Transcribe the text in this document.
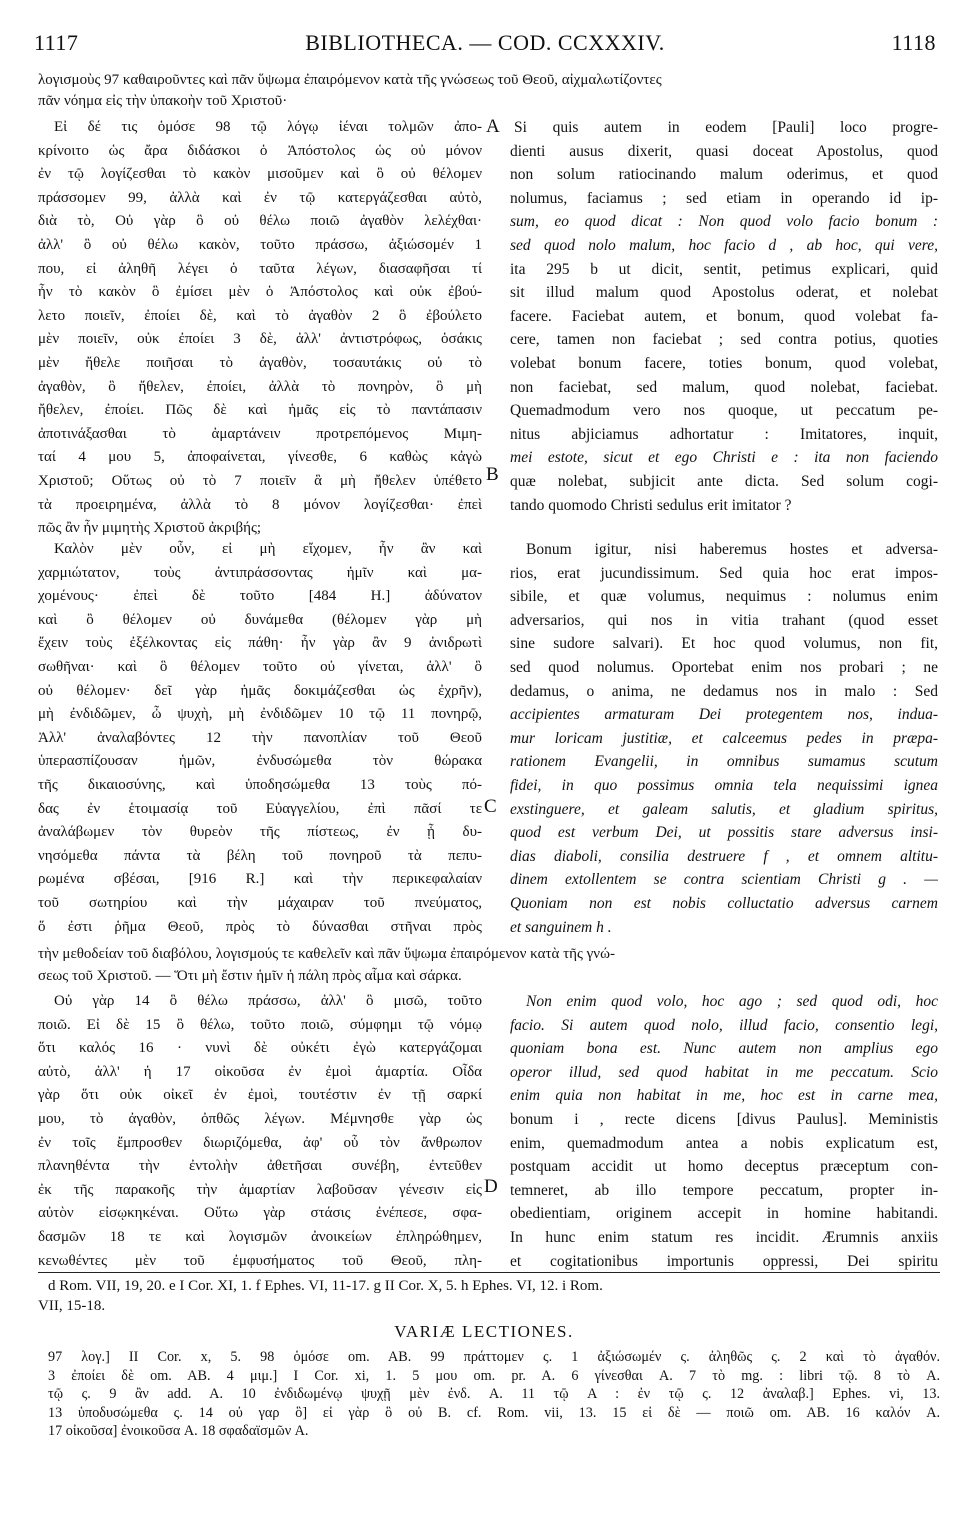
1117	BIBLIOTHECA. — COD. CCXXXIV.	1118
λογισμοὺς 97 καθαιροῦντες καὶ πᾶν ὕψωμα ἐπαιρόμενον κατὰ τῆς γνώσεως τοῦ Θεοῦ, αἰχμαλωτίζοντες
πᾶν νόημα εἰς τὴν ὑπακοὴν τοῦ Χριστοῦ·
Εἰ δέ τις ὁμόσε 98 τῷ λόγῳ ἰέναι τολμῶν ἀπο-
κρίνοιτο ὡς ἄρα διδάσκοι ὁ Ἀπόστολος ὡς οὐ μόνον
ἐν τῷ λογίζεσθαι τὸ κακὸν μισοῦμεν καὶ ὃ οὐ θέλομεν
πράσσομεν 99, ἀλλὰ καὶ ἐν τῷ κατεργάζεσθαι αὐτὸ,
διὰ τὸ, Οὐ γὰρ ὃ οὐ θέλω ποιῶ ἀγαθὸν λελέχθαι·
ἀλλ' ὃ οὐ θέλω κακὸν, τοῦτο πράσσω, ἀξιώσομέν 1
που, εἰ ἀληθῆ λέγει ὁ ταῦτα λέγων, διασαφῆσαι τί
ἦν τὸ κακὸν ὃ ἐμίσει μὲν ὁ Ἀπόστολος καὶ οὐκ ἐβού-
λετο ποιεῖν, ἐποίει δὲ, καὶ τὸ ἀγαθὸν 2 ὃ ἐβούλετο
μὲν ποιεῖν, οὐκ ἐποίει 3 δὲ, ἀλλ' ἀντιστρόφως, ὁσάκις
μὲν ἤθελε ποιῆσαι τὸ ἀγαθὸν, τοσαυτάκις οὐ τὸ
ἀγαθὸν, ὃ ἤθελεν, ἐποίει, ἀλλὰ τὸ πονηρὸν, ὃ μὴ
ἤθελεν, ἐποίει. Πῶς δὲ καὶ ἡμᾶς εἰς τὸ παντάπασιν
ἀποτινάξασθαι τὸ ἁμαρτάνειν προτρεπόμενος Μιμη-
ταί 4 μου 5, ἀποφαίνεται, γίνεσθε, 6 καθὼς κἀγὼ
Χριστοῦ; Οὕτως οὐ τὸ 7 ποιεῖν ἃ μὴ ἤθελεν ὑπέθετο
τὰ προειρημένα, ἀλλὰ τὸ 8 μόνον λογίζεσθαι· ἐπεὶ
πῶς ἂν ἦν μιμητὴς Χριστοῦ ἀκριβής;
Si quis autem in eodem [Pauli] loco progre-
dienti ausus dixerit, quasi doceat Apostolus, quod
non solum ratiocinando malum oderimus, et quod
nolumus, faciamus ; sed etiam in operando id ip-
sum, eo quod dicat : Non quod volo facio bonum :
sed quod nolo malum, hoc facio d , ab hoc, qui vere,
ita 295 b ut dicit, sentit, petimus explicari, quid
sit illud malum quod Apostolus oderat, et nolebat
facere. Faciebat autem, et bonum, quod volebat fa-
cere, tamen non faciebat ; sed contra potius, quoties
volebat bonum facere, toties bonum, quod volebat,
non faciebat, sed malum, quod nolebat, faciebat.
Quemadmodum vero nos quoque, ut peccatum pe-
nitus abjiciamus adhortatur : Imitatores, inquit,
mei estote, sicut et ego Christi e : ita non faciendo
quæ nolebat, subjicit ante dicta. Sed solum cogi-
tando quomodo Christi sedulus erit imitator ?
A
B
Καλὸν μὲν οὖν, εἰ μὴ εἴχομεν, ἦν ἂν καὶ
χαρμιώτατον, τοὺς ἀντιπράσσοντας ἡμῖν καὶ μα-
χομένους· ἐπεὶ δὲ τοῦτο [484 H.] ἀδύνατον
καὶ ὃ θέλομεν οὐ δυνάμεθα (θέλομεν γὰρ μὴ
ἔχειν τοὺς ἐξέλκοντας εἰς πάθη· ἦν γὰρ ἂν 9 ἀνιδρωτὶ
σωθῆναι· καὶ ὃ θέλομεν τοῦτο οὐ γίνεται, ἀλλ' ὃ
οὐ θέλομεν· δεῖ γὰρ ἡμᾶς δοκιμάζεσθαι ὡς ἐχρῆν),
μὴ ἐνδιδῶμεν, ὦ ψυχὴ, μὴ ἐνδιδῶμεν 10 τῷ 11 πονηρῷ,
Ἀλλ' ἀναλαβόντες 12 τὴν πανοπλίαν τοῦ Θεοῦ
ὑπερασπίζουσαν ἡμῶν, ἐνδυσώμεθα τὸν θώρακα
τῆς δικαιοσύνης, καὶ ὑποδησώμεθα 13 τοὺς πό-
δας ἐν ἑτοιμασίᾳ τοῦ Εὐαγγελίου, ἐπὶ πᾶσί τε
ἀναλάβωμεν τὸν θυρεὸν τῆς πίστεως, ἐν ᾗ δυ-
νησόμεθα πάντα τὰ βέλη τοῦ πονηροῦ τὰ πεπυ-
ρωμένα σβέσαι, [916 R.] καὶ τὴν περικεφαλαίαν
τοῦ σωτηρίου καὶ τὴν μάχαιραν τοῦ πνεύματος,
ὅ ἐστι ῥῆμα Θεοῦ, πρὸς τὸ δύνασθαι στῆναι πρὸς
Bonum igitur, nisi haberemus hostes et adversa-
rios, erat jucundissimum. Sed quia hoc erat impos-
sibile, et quæ volumus, nequimus : nolumus enim
adversarios, qui nos in vitia trahant (quod esset
sine sudore salvari). Et hoc quod volumus, non fit,
sed quod nolumus. Oportebat enim nos probari ; ne
dedamus, o anima, ne dedamus nos in malo : Sed
accipientes armaturam Dei protegentem nos, indua-
mur loricam justitiæ, et calceemus pedes in præpa-
rationem Evangelii, in omnibus sumamus scutum
fidei, in quo possimus omnia tela nequissimi ignea
exstinguere, et galeam salutis, et gladium spiritus,
quod est verbum Dei, ut possitis stare adversus insi-
dias diaboli, consilia destruere f , et omnem altitu-
dinem extollentem se contra scientiam Christi g . —
Quoniam non est nobis colluctatio adversus carnem
et sanguinem h .
C
τὴν μεθοδείαν τοῦ διαβόλου, λογισμούς τε καθελεῖν καὶ πᾶν ὕψωμα ἐπαιρόμενον κατὰ τῆς γνώ-
σεως τοῦ Χριστοῦ. — Ὅτι μὴ ἔστιν ἡμῖν ἡ πάλη πρὸς αἷμα καὶ σάρκα.
Οὐ γὰρ 14 ὃ θέλω πράσσω, ἀλλ' ὃ μισῶ, τοῦτο
ποιῶ. Εἰ δὲ 15 ὃ θέλω, τοῦτο ποιῶ, σύμφημι τῷ νόμῳ
ὅτι καλός 16 · νυνὶ δὲ οὐκέτι ἐγὼ κατεργάζομαι
αὐτὸ, ἀλλ' ἡ 17 οἰκοῦσα ἐν ἐμοὶ ἁμαρτία. Οἶδα
γὰρ ὅτι οὐκ οἰκεῖ ἐν ἐμοὶ, τουτέστιν ἐν τῇ σαρκί
μου, τὸ ἀγαθὸν, ὀπθῶς λέγων. Μέμνησθε γὰρ ὡς
ἐν τοῖς ἔμπροσθεν διωριζόμεθα, ἀφ' οὗ τὸν ἄνθρωπον
πλανηθέντα τὴν ἐντολὴν ἀθετῆσαι συνέβη, ἐντεῦθεν
ἐκ τῆς παρακοῆς τὴν ἁμαρτίαν λαβοῦσαν γένεσιν εἰς
αὐτὸν εἰσῳκηκέναι. Οὕτω γὰρ στάσις ἐνέπεσε, σφα-
δασμῶν 18 τε καὶ λογισμῶν ἀνοικείων ἐπληρώθημεν,
κενωθέντες μὲν τοῦ ἐμφυσήματος τοῦ Θεοῦ, πλη-
Non enim quod volo, hoc ago ; sed quod odi, hoc
facio. Si autem quod nolo, illud facio, consentio legi,
quoniam bona est. Nunc autem non amplius ego
operor illud, sed quod habitat in me peccatum. Scio
enim quia non habitat in me, hoc est in carne mea,
bonum i , recte dicens [divus Paulus]. Meministis
enim, quemadmodum antea a nobis explicatum est,
postquam accidit ut homo deceptus præceptum con-
temneret, ab illo tempore peccatum, propter in-
obedientiam, originem accepit in homine habitandi.
In hunc enim statum res incidit. Ærumnis anxiis
et cogitationibus importunis oppressi, Dei spiritu
D
d Rom. VII, 19, 20. e I Cor. XI, 1. f Ephes. VI, 11-17. g II Cor. X, 5. h Ephes. VI, 12. i Rom.
VII, 15-18.
VARIÆ LECTIONES.
97 λογ.] II Cor. x, 5. 98 ὁμόσε om. AB. 99 πράττομεν ς. 1 ἀξιώσωμέν ς. ἀληθῶς ς. 2 καὶ τὸ ἀγαθόν.
3 ἐποίει δὲ om. AB. 4 μιμ.] I Cor. xi, 1. 5 μου om. pr. A. 6 γίνεσθαι A. 7 τὸ mg. : libri τῷ. 8 τὸ A.
τῷ ς. 9 ἂν add. A. 10 ἐνδιδωμένῳ ψυχῇ μὲν ἐνδ. A. 11 τῷ A : ἐν τῷ ς. 12 ἀναλαβ.] Ephes. vi, 13.
13 ὑποδυσώμεθα ς. 14 οὐ γαρ ὃ] εἰ γὰρ ὃ οὐ B. cf. Rom. vii, 13. 15 εἰ δὲ — ποιῶ om. AB. 16 καλόν A.
17 οἰκοῦσα] ἐνοικοῦσα A. 18 σφαδαϊσμῶν A.
